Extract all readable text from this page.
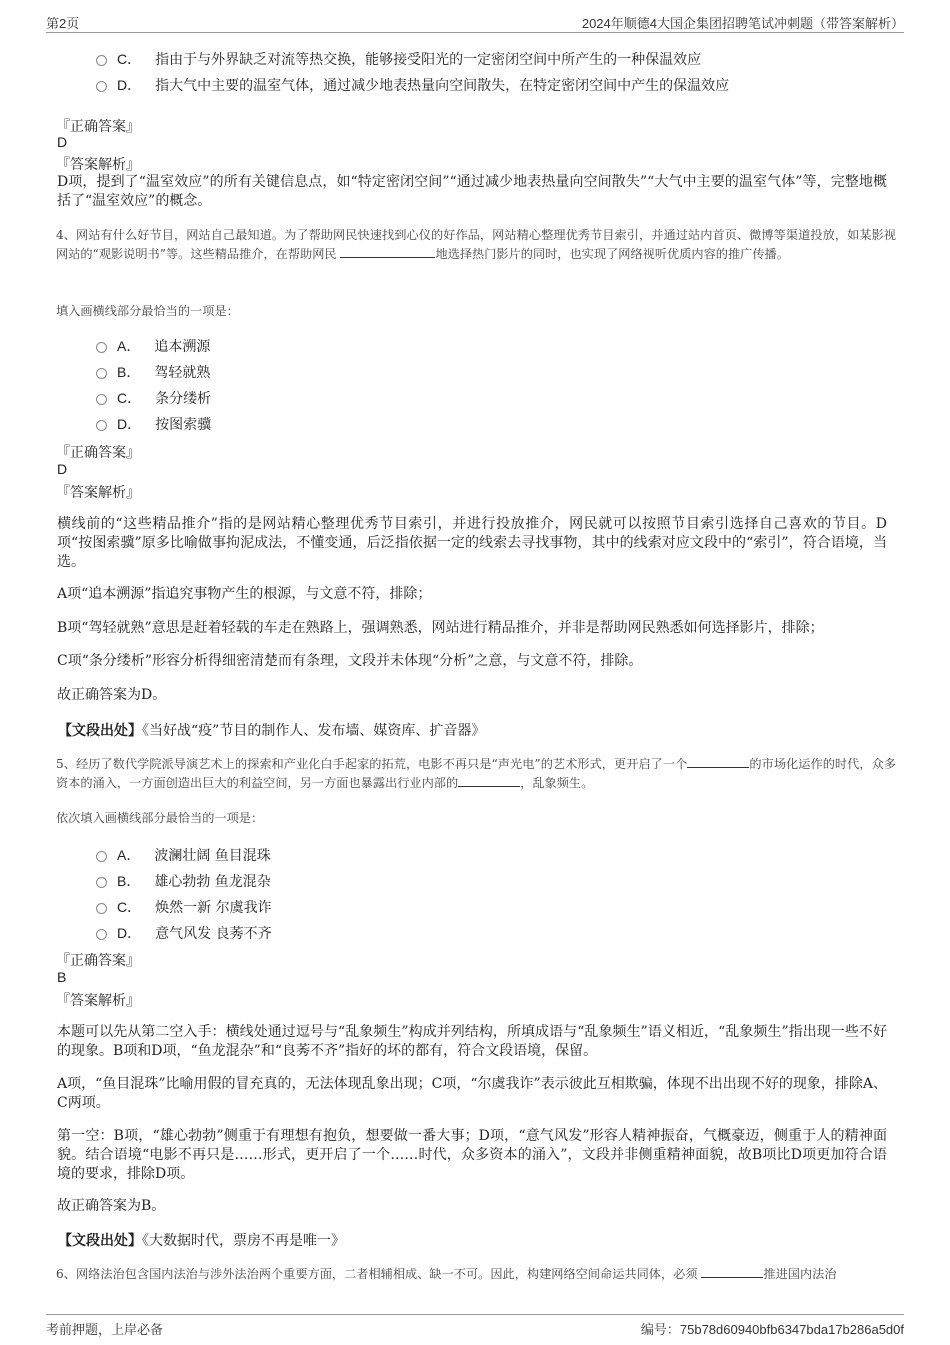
第2页	2024年顺德4大国企集团招聘笔试冲刺题（带答案解析）
C． 指由于与外界缺乏对流等热交换，能够接受阳光的一定密闭空间中所产生的一种保温效应
D． 指大气中主要的温室气体，通过减少地表热量向空间散失，在特定密闭空间中产生的保温效应
『正确答案』
D
『答案解析』
D项，提到了“温室效应”的所有关键信息点，如“特定密闭空间”“通过减少地表热量向空间散失”“大气中主要的温室气体”等，完整地概括了“温室效应”的概念。
4、网站有什么好节目，网站自己最知道。为了帮助网民快速找到心仪的好作品，网站精心整理优秀节目索引，并通过站内首页、微博等渠道投放，如某影视网站的“观影说明书”等。这些精品推介，在帮助网民	地选择热门影片的同时，也实现了网络视听优质内容的推广传播。
填入画横线部分最恰当的一项是：
A． 追本溯源
B． 驾轻就熟
C． 条分缕析
D． 按图索骥
『正确答案』
D
『答案解析』
横线前的“这些精品推介”指的是网站精心整理优秀节目索引，并进行投放推介，网民就可以按照节目索引选择自己喜欢的节目。D项“按图索骥”原多比喻做事拘泥成法，不懂变通，后泛指依据一定的线索去寻找事物，其中的线索对应文段中的“索引”，符合语境，当选。
A项“追本溯源”指追究事物产生的根源，与文意不符，排除；
B项“驾轻就熟”意思是赶着轻载的车走在熟路上，强调熟悉，网站进行精品推介，并非是帮助网民熟悉如何选择影片，排除；
C项“条分缕析”形容分析得细密清楚而有条理，文段并未体现“分析”之意，与文意不符，排除。
故正确答案为D。
【文段出处】《当好战“疫”节目的制作人、发布墙、媒资库、扩音器》
5、经历了数代学院派导演艺术上的探索和产业化白手起家的拓荒，电影不再只是“声光电”的艺术形式，更开启了一个	的市场化运作的时代，众多资本的涌入，一方面创造出巨大的利益空间，另一方面也暴露出行业内部的	，乱象频生。
依次填入画横线部分最恰当的一项是：
A． 波澜壮阔 鱼目混珠
B． 雄心勃勃 鱼龙混杂
C． 焕然一新 尔虞我诈
D． 意气风发 良莠不齐
『正确答案』
B
『答案解析』
本题可以先从第二空入手：横线处通过逗号与“乱象频生”构成并列结构，所填成语与“乱象频生”语义相近，“乱象频生”指出现一些不好的现象。B项和D项，“鱼龙混杂”和“良莠不齐”指好的坏的都有，符合文段语境，保留。
A项，“鱼目混珠”比喻用假的冒充真的，无法体现乱象出现；C项，“尔虞我诈”表示彼此互相欺骗，体现不出出现不好的现象，排除A、C两项。
第一空：B项，“雄心勃勃”侧重于有理想有抱负，想要做一番大事；D项，“意气风发”形容人精神振奋，气概豪迈，侧重于人的精神面貌。结合语境“电影不再只是……形式，更开启了一个……时代，众多资本的涌入”，文段并非侧重精神面貌，故B项比D项更加符合语境的要求，排除D项。
故正确答案为B。
【文段出处】《大数据时代，票房不再是唯一》
6、网络法治包含国内法治与涉外法治两个重要方面，二者相辅相成、缺一不可。因此，构建网络空间命运共同体，必须	推进国内法治
考前押题，上岸必备	编号：75b78d60940bfb6347bda17b286a5d0f
